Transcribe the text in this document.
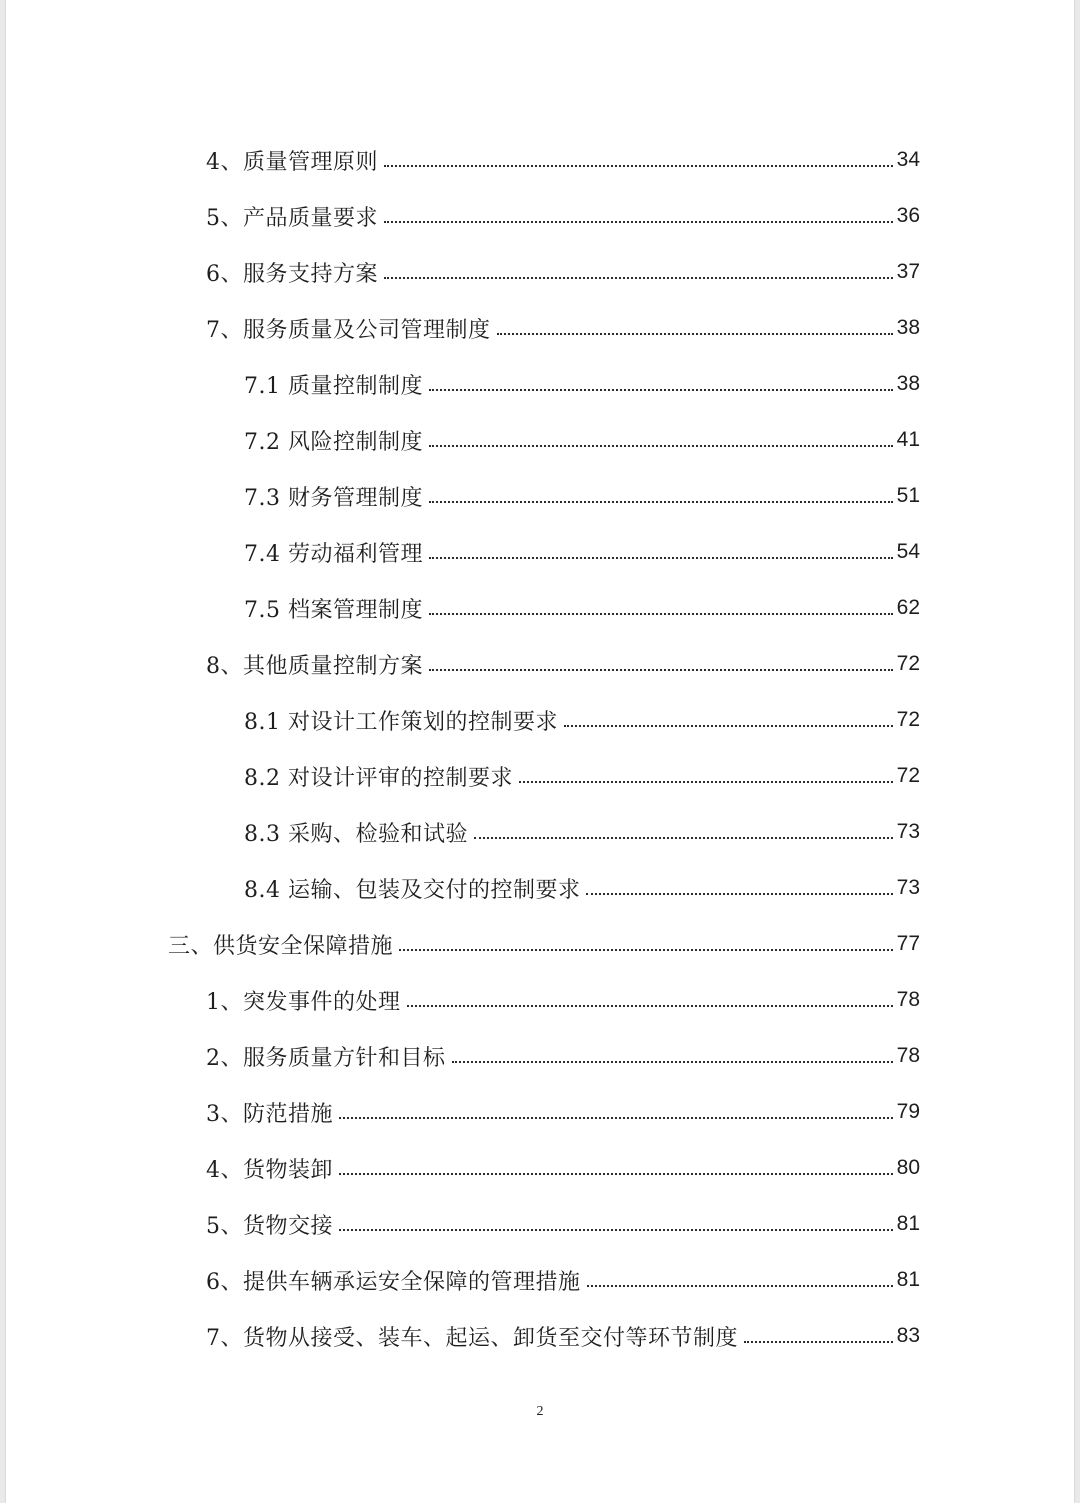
4、质量管理原则	34
5、产品质量要求	36
6、服务支持方案	37
7、服务质量及公司管理制度	38
7.1 质量控制制度	38
7.2 风险控制制度	41
7.3 财务管理制度	51
7.4 劳动福利管理	54
7.5 档案管理制度	62
8、其他质量控制方案	72
8.1 对设计工作策划的控制要求	72
8.2 对设计评审的控制要求	72
8.3 采购、检验和试验	73
8.4 运输、包装及交付的控制要求	73
三、供货安全保障措施	77
1、突发事件的处理	78
2、服务质量方针和目标	78
3、防范措施	79
4、货物装卸	80
5、货物交接	81
6、提供车辆承运安全保障的管理措施	81
7、货物从接受、装车、起运、卸货至交付等环节制度	83
2
